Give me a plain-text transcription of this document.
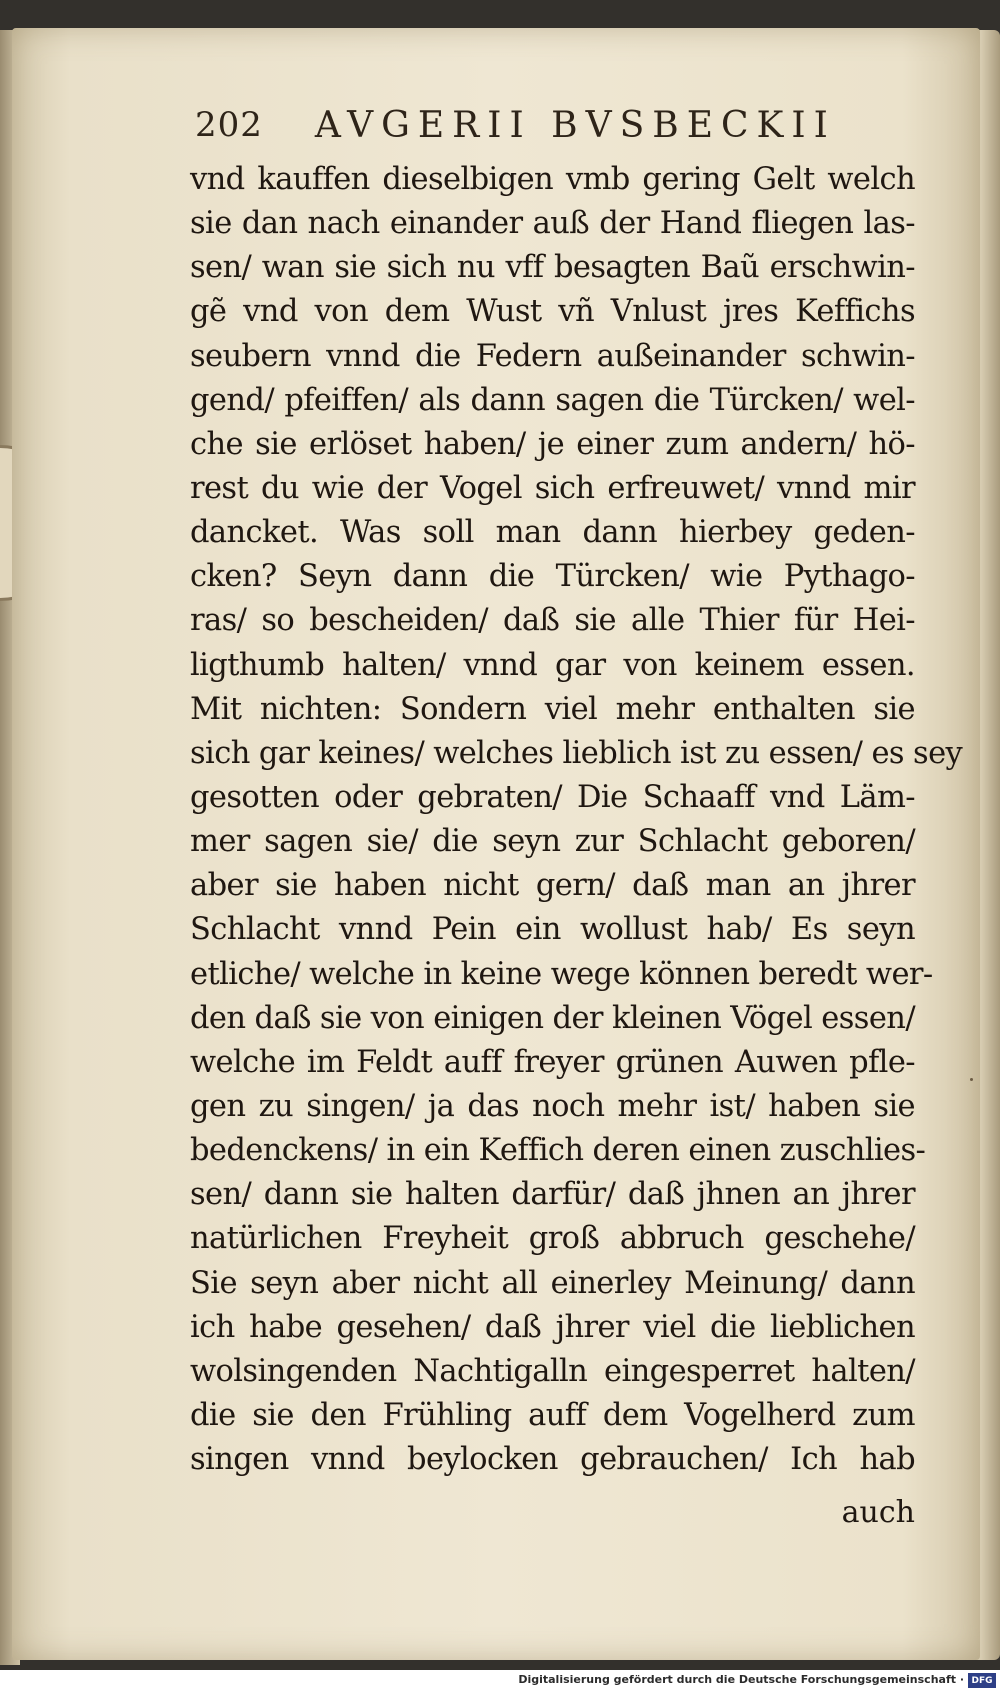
202 AVGERII BVSBECKII
vnd kauffen dieselbigen vmb gering Gelt welch
sie dan nach einander auß der Hand fliegen las-
sen/ wan sie sich nu vff besagten Baũ erschwin-
gẽ vnd von dem Wust vñ Vnlust jres Keffichs
seubern vnnd die Federn außeinander schwin-
gend/ pfeiffen/ als dann sagen die Türcken/ wel-
che sie erlöset haben/ je einer zum andern/ hö-
rest du wie der Vogel sich erfreuwet/ vnnd mir
dancket. Was soll man dann hierbey geden-
cken? Seyn dann die Türcken/ wie Pythago-
ras/ so bescheiden/ daß sie alle Thier für Hei-
ligthumb halten/ vnnd gar von keinem essen.
Mit nichten: Sondern viel mehr enthalten sie
sich gar keines/ welches lieblich ist zu essen/ es sey
gesotten oder gebraten/ Die Schaaff vnd Läm-
mer sagen sie/ die seyn zur Schlacht geboren/
aber sie haben nicht gern/ daß man an jhrer
Schlacht vnnd Pein ein wollust hab/ Es seyn
etliche/ welche in keine wege können beredt wer-
den daß sie von einigen der kleinen Vögel essen/
welche im Feldt auff freyer grünen Auwen pfle-
gen zu singen/ ja das noch mehr ist/ haben sie
bedenckens/ in ein Keffich deren einen zuschlies-
sen/ dann sie halten darfür/ daß jhnen an jhrer
natürlichen Freyheit groß abbruch geschehe/
Sie seyn aber nicht all einerley Meinung/ dann
ich habe gesehen/ daß jhrer viel die lieblichen
wolsingenden Nachtigalln eingesperret halten/
die sie den Frühling auff dem Vogelherd zum
singen vnnd beylocken gebrauchen/ Ich hab
auch
Digitalisierung gefördert durch die Deutsche Forschungsgemeinschaft · DFG
